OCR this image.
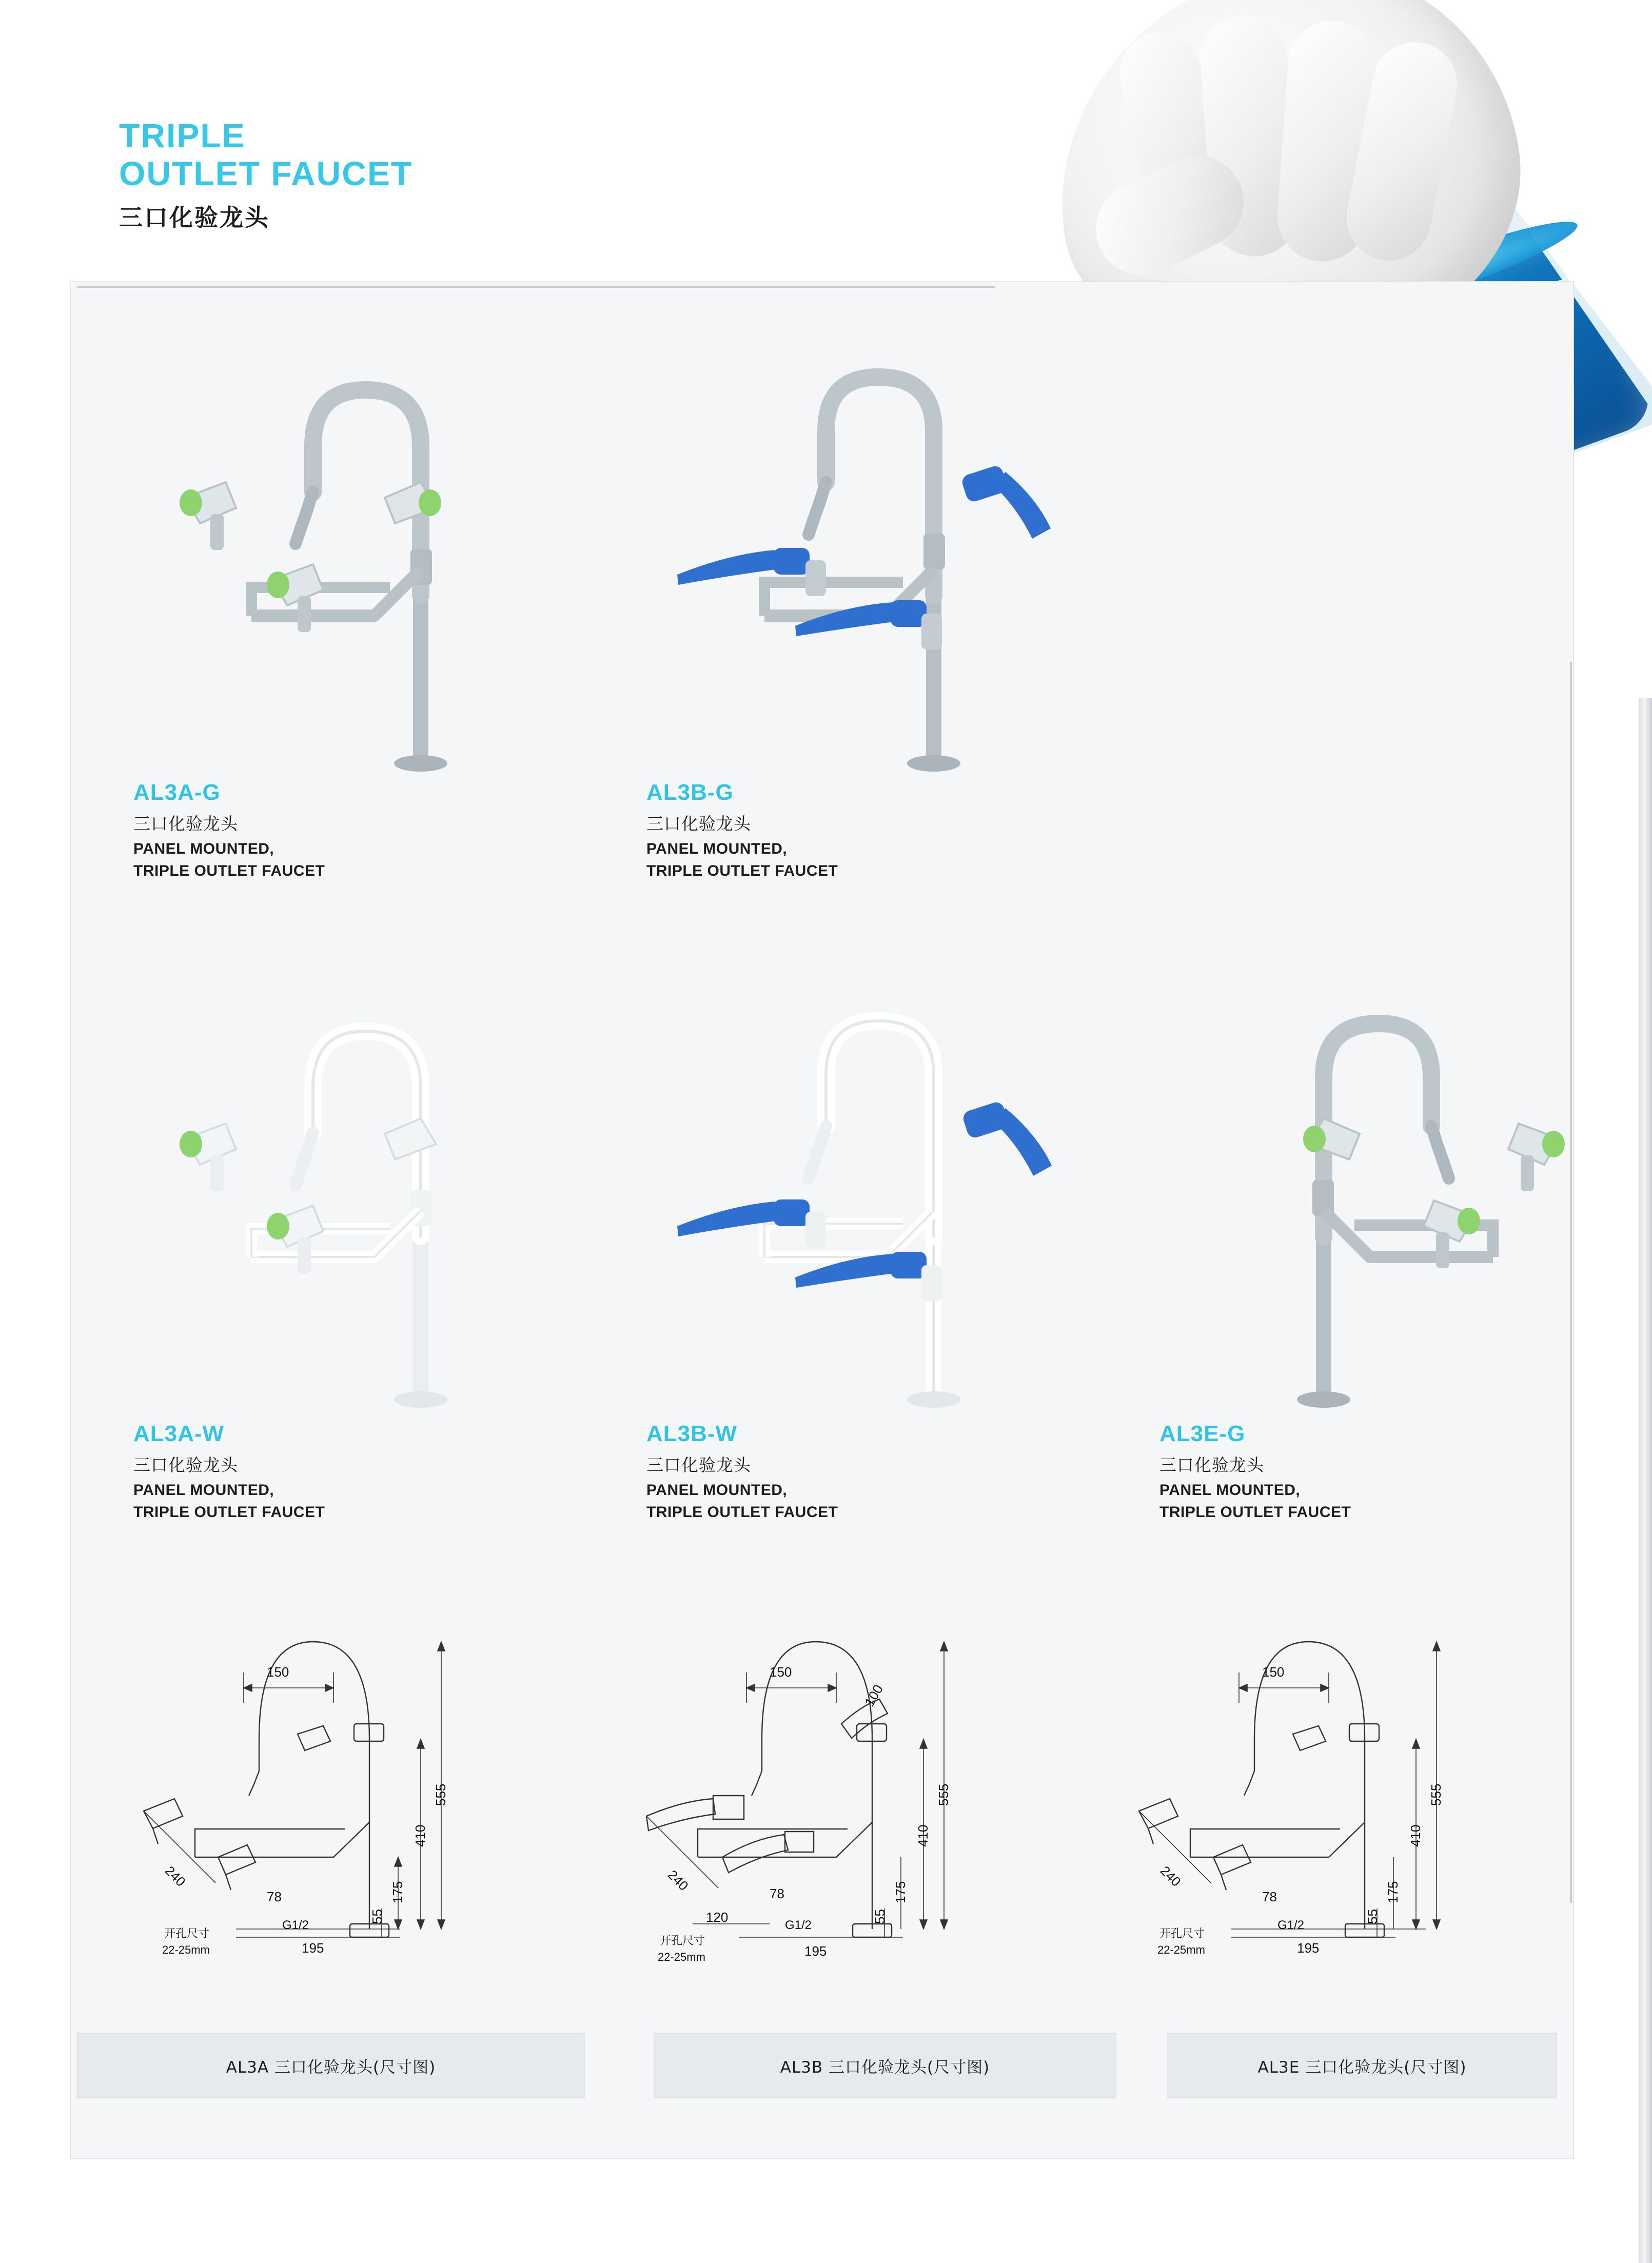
TRIPLE
OUTLET FAUCET
三口化验龙头
AL3A-G
三口化验龙头
PANEL MOUNTED,
TRIPLE OUTLET FAUCET
AL3B-G
三口化验龙头
PANEL MOUNTED,
TRIPLE OUTLET FAUCET
AL3A-W
三口化验龙头
PANEL MOUNTED,
TRIPLE OUTLET FAUCET
AL3B-W
三口化验龙头
PANEL MOUNTED,
TRIPLE OUTLET FAUCET
AL3E-G
三口化验龙头
PANEL MOUNTED,
TRIPLE OUTLET FAUCET
150
555
410
175
240
78
55
195
G1/2
开孔尺寸
22-25mm
150
100
555
410
175
240
78
55
195
G1/2
120
开孔尺寸
22-25mm
150
555
410
175
240
78
55
195
G1/2
开孔尺寸
22-25mm
AL3A 三口化验龙头(尺寸图)	AL3B 三口化验龙头(尺寸图)	AL3E 三口化验龙头(尺寸图)
